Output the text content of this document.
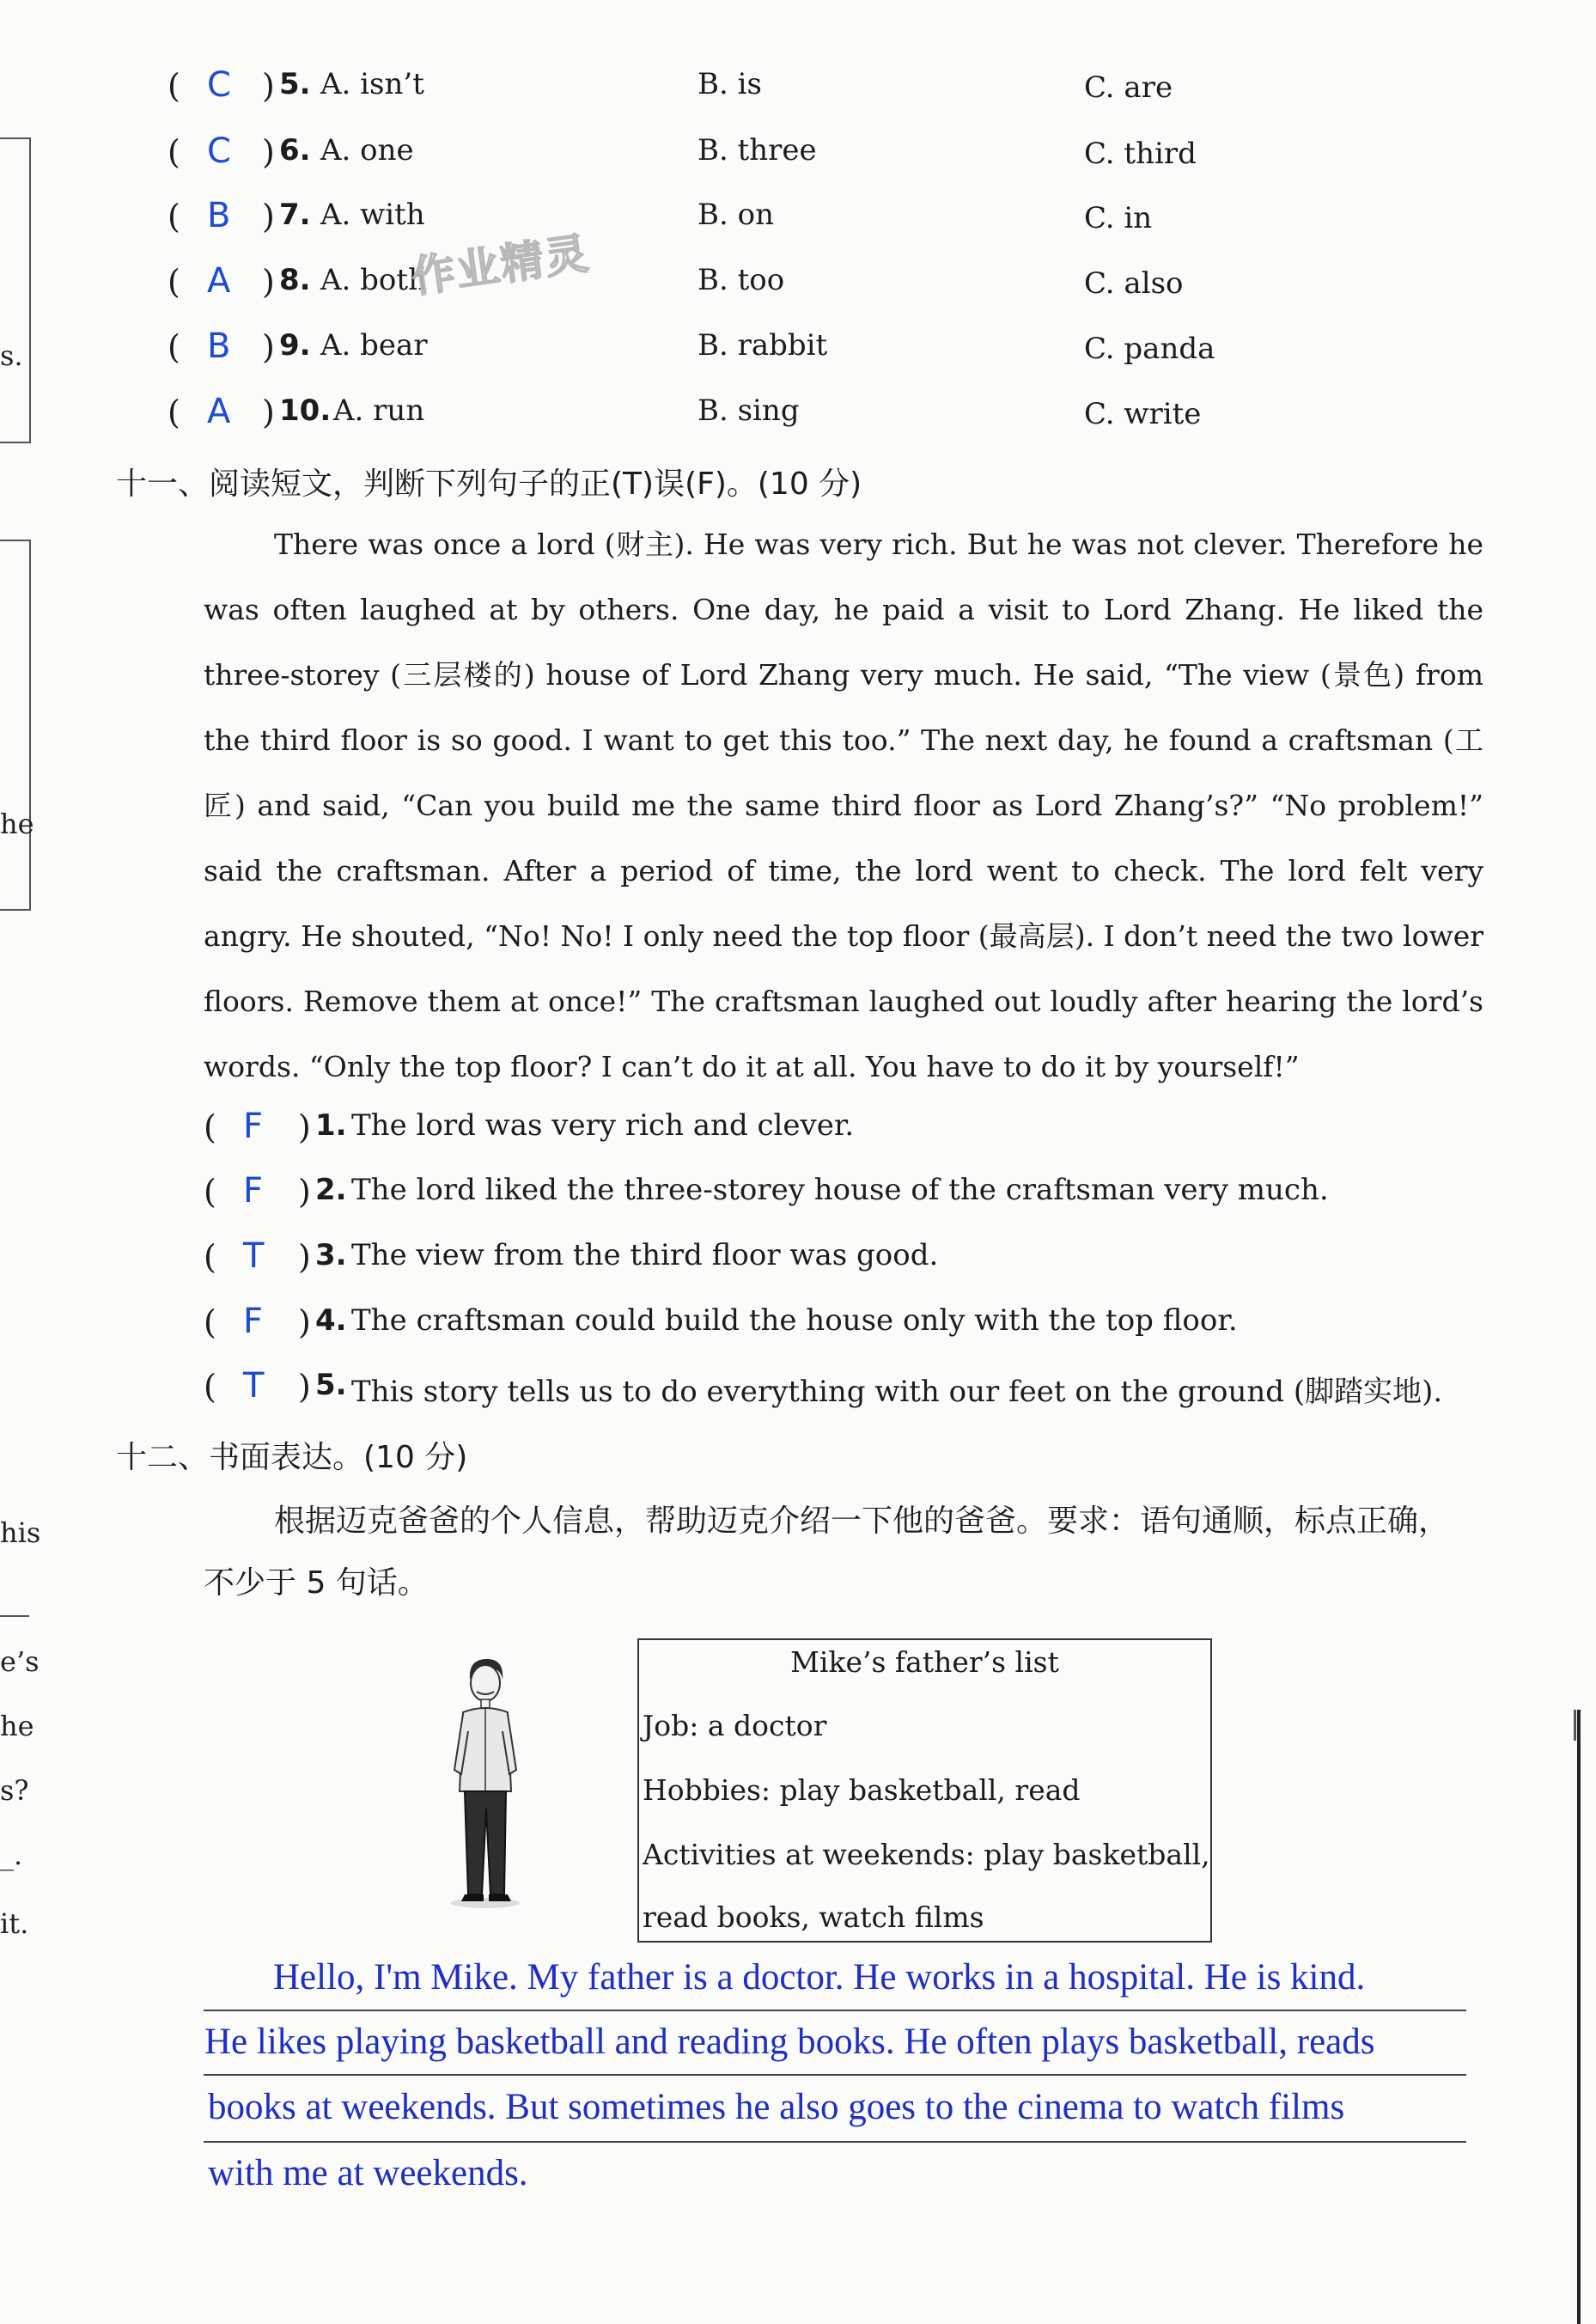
s.
he
his
e’s
he
s?
_.
it.
( C ) 5. A. isn’t	B. is	C. are
( C ) 6. A. one	B. three	C. third
( B ) 7. A. with	B. on	C. in
( A ) 8. A. both	B. too	C. also
( B ) 9. A. bear	B. rabbit	C. panda
( A ) 10. A. run	B. sing	C. write
作业精灵
十一、阅读短文，判断下列句子的正(T)误(F)。(10 分)

There was once a lord (财主). He was very rich. But he was not clever. Therefore he was often laughed at by others. One day, he paid a visit to Lord Zhang. He liked the three-storey (三层楼的) house of Lord Zhang very much. He said, “The view (景色) from the third floor is so good. I want to get this too.” The next day, he found a craftsman (工匠) and said, “Can you build me the same third floor as Lord Zhang’s?” “No problem!” said the craftsman. After a period of time, the lord went to check. The lord felt very angry. He shouted, “No! No! I only need the top floor (最高层). I don’t need the two lower floors. Remove them at once!” The craftsman laughed out loudly after hearing the lord’s words. “Only the top floor? I can’t do it at all. You have to do it by yourself!”

( F ) 1. The lord was very rich and clever.
( F ) 2. The lord liked the three-storey house of the craftsman very much.
( T ) 3. The view from the third floor was good.
( F ) 4. The craftsman could build the house only with the top floor.
( T ) 5. This story tells us to do everything with our feet on the ground (脚踏实地).
十二、书面表达。(10 分)

根据迈克爸爸的个人信息，帮助迈克介绍一下他的爸爸。要求：语句通顺，标点正确，不少于 5 句话。

Mike’s father’s list
Job: a doctor
Hobbies: play basketball, read
Activities at weekends: play basketball,
read books, watch films
Hello, I'm Mike. My father is a doctor. He works in a hospital. He is kind.
He likes playing basketball and reading books. He often plays basketball, reads
books at weekends. But sometimes he also goes to the cinema to watch films
with me at weekends.
